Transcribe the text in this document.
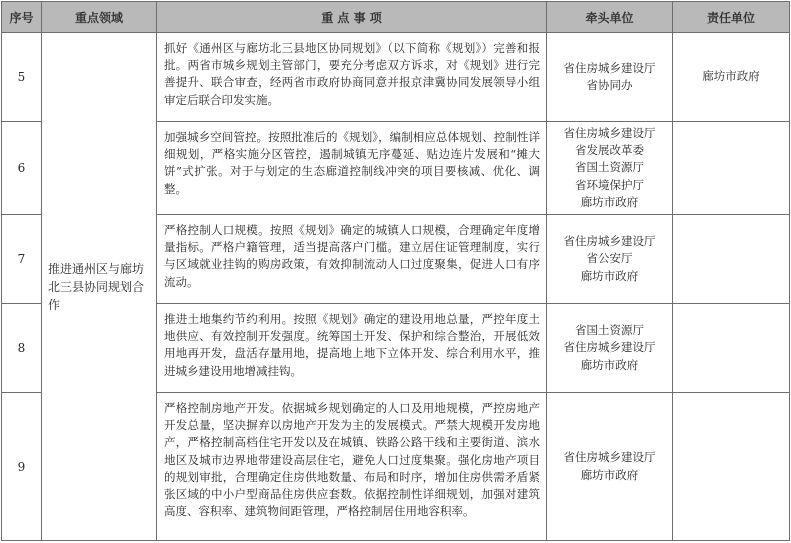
序号	重点领域	重 点 事 项	牵头单位	责任单位
5	推进通州区与廊坊北三县协同规划合作	抓好《通州区与廊坊北三县地区协同规划》（以下简称《规划》）完善和报批。两省市城乡规划主管部门，要充分考虑双方诉求，对《规划》进行完善提升、联合审查，经两省市政府协商同意并报京津冀协同发展领导小组审定后联合印发实施。	省住房城乡建设厅
省协同办	廊坊市政府
6		加强城乡空间管控。按照批准后的《规划》，编制相应总体规划、控制性详细规划，严格实施分区管控，遏制城镇无序蔓延、贴边连片发展和“摊大饼”式扩张。对于与划定的生态廊道控制线冲突的项目要核减、优化、调整。	省住房城乡建设厅
省发展改革委
省国土资源厅
省环境保护厅
廊坊市政府	

7		严格控制人口规模。按照《规划》确定的城镇人口规模，合理确定年度增量指标。严格户籍管理，适当提高落户门槛。建立居住证管理制度，实行与区域就业挂钩的购房政策，有效抑制流动人口过度聚集，促进人口有序流动。	省住房城乡建设厅
省公安厅
廊坊市政府	

8		推进土地集约节约利用。按照《规划》确定的建设用地总量，严控年度土地供应、有效控制开发强度。统筹国土开发、保护和综合整治，开展低效用地再开发，盘活存量用地，提高地上地下立体开发、综合利用水平，推进城乡建设用地增减挂钩。	省国土资源厅
省住房城乡建设厅
廊坊市政府	

9		严格控制房地产开发。依据城乡规划确定的人口及用地规模，严控房地产开发总量，坚决摒弃以房地产开发为主的发展模式。严禁大规模开发房地产，严格控制高档住宅开发以及在城镇、铁路公路干线和主要街道、滨水地区及城市边界地带建设高层住宅，避免人口过度集聚。强化房地产项目的规划审批，合理确定住房供地数量、布局和时序，增加住房供需矛盾紧张区域的中小户型商品住房供应套数。依据控制性详细规划，加强对建筑高度、容积率、建筑物间距管理，严格控制居住用地容积率。	省住房城乡建设厅
廊坊市政府	
